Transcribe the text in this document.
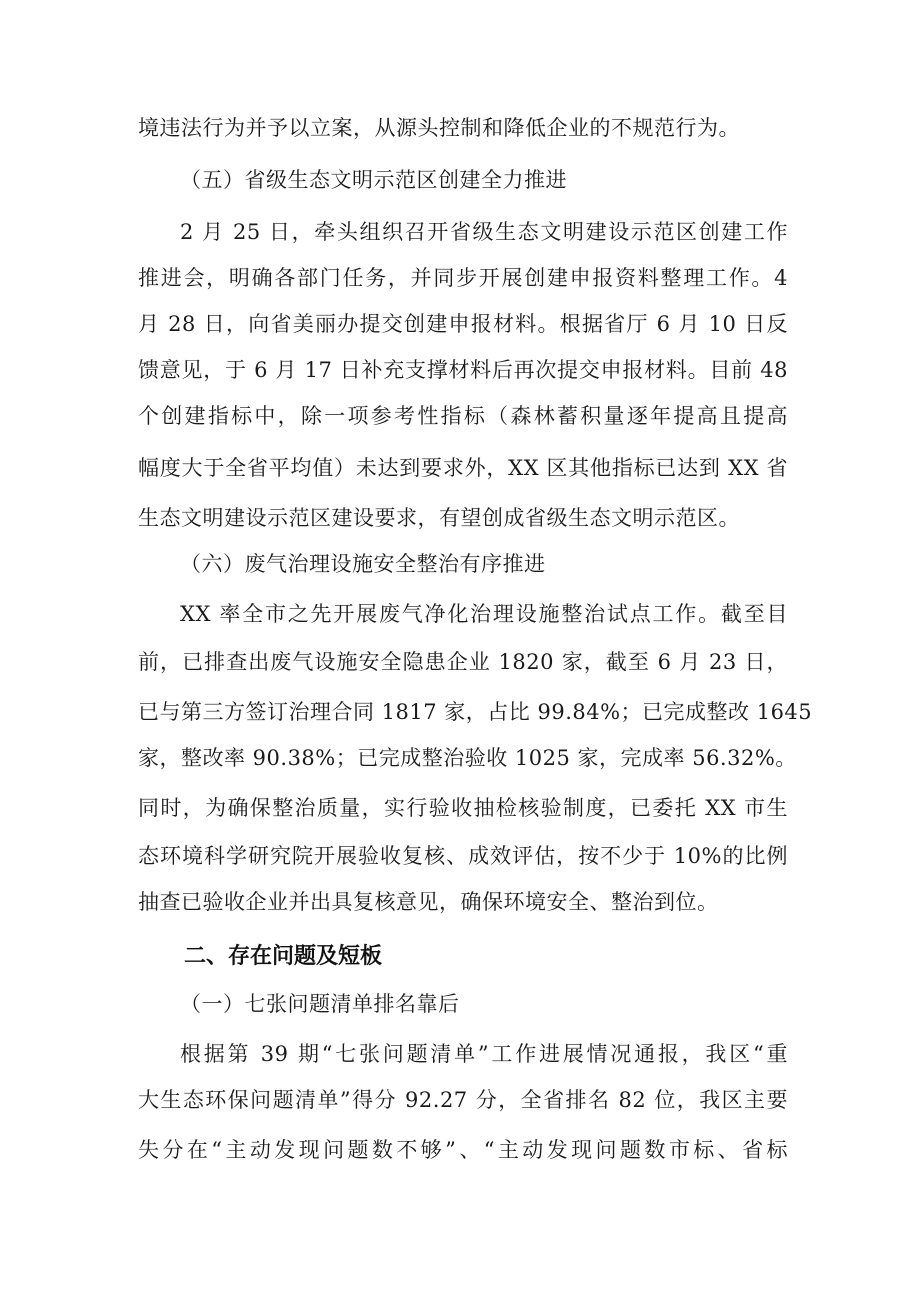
境违法行为并予以立案，从源头控制和降低企业的不规范行为。
（五）省级生态文明示范区创建全力推进
2 月 25 日，牵头组织召开省级生态文明建设示范区创建工作
推进会，明确各部门任务，并同步开展创建申报资料整理工作。4
月 28 日，向省美丽办提交创建申报材料。根据省厅 6 月 10 日反
馈意见，于 6 月 17 日补充支撑材料后再次提交申报材料。目前 48
个创建指标中，除一项参考性指标（森林蓄积量逐年提高且提高
幅度大于全省平均值）未达到要求外，XX 区其他指标已达到 XX 省
生态文明建设示范区建设要求，有望创成省级生态文明示范区。
（六）废气治理设施安全整治有序推进
XX 率全市之先开展废气净化治理设施整治试点工作。截至目
前，已排查出废气设施安全隐患企业 1820 家，截至 6 月 23 日，
已与第三方签订治理合同 1817 家，占比 99.84%；已完成整改 1645
家，整改率 90.38%；已完成整治验收 1025 家，完成率 56.32%。
同时，为确保整治质量，实行验收抽检核验制度，已委托 XX 市生
态环境科学研究院开展验收复核、成效评估，按不少于 10%的比例
抽查已验收企业并出具复核意见，确保环境安全、整治到位。
二、存在问题及短板
（一）七张问题清单排名靠后
根据第 39 期“七张问题清单”工作进展情况通报，我区“重
大生态环保问题清单”得分 92.27 分，全省排名 82 位，我区主要
失分在“主动发现问题数不够”、“主动发现问题数市标、省标
